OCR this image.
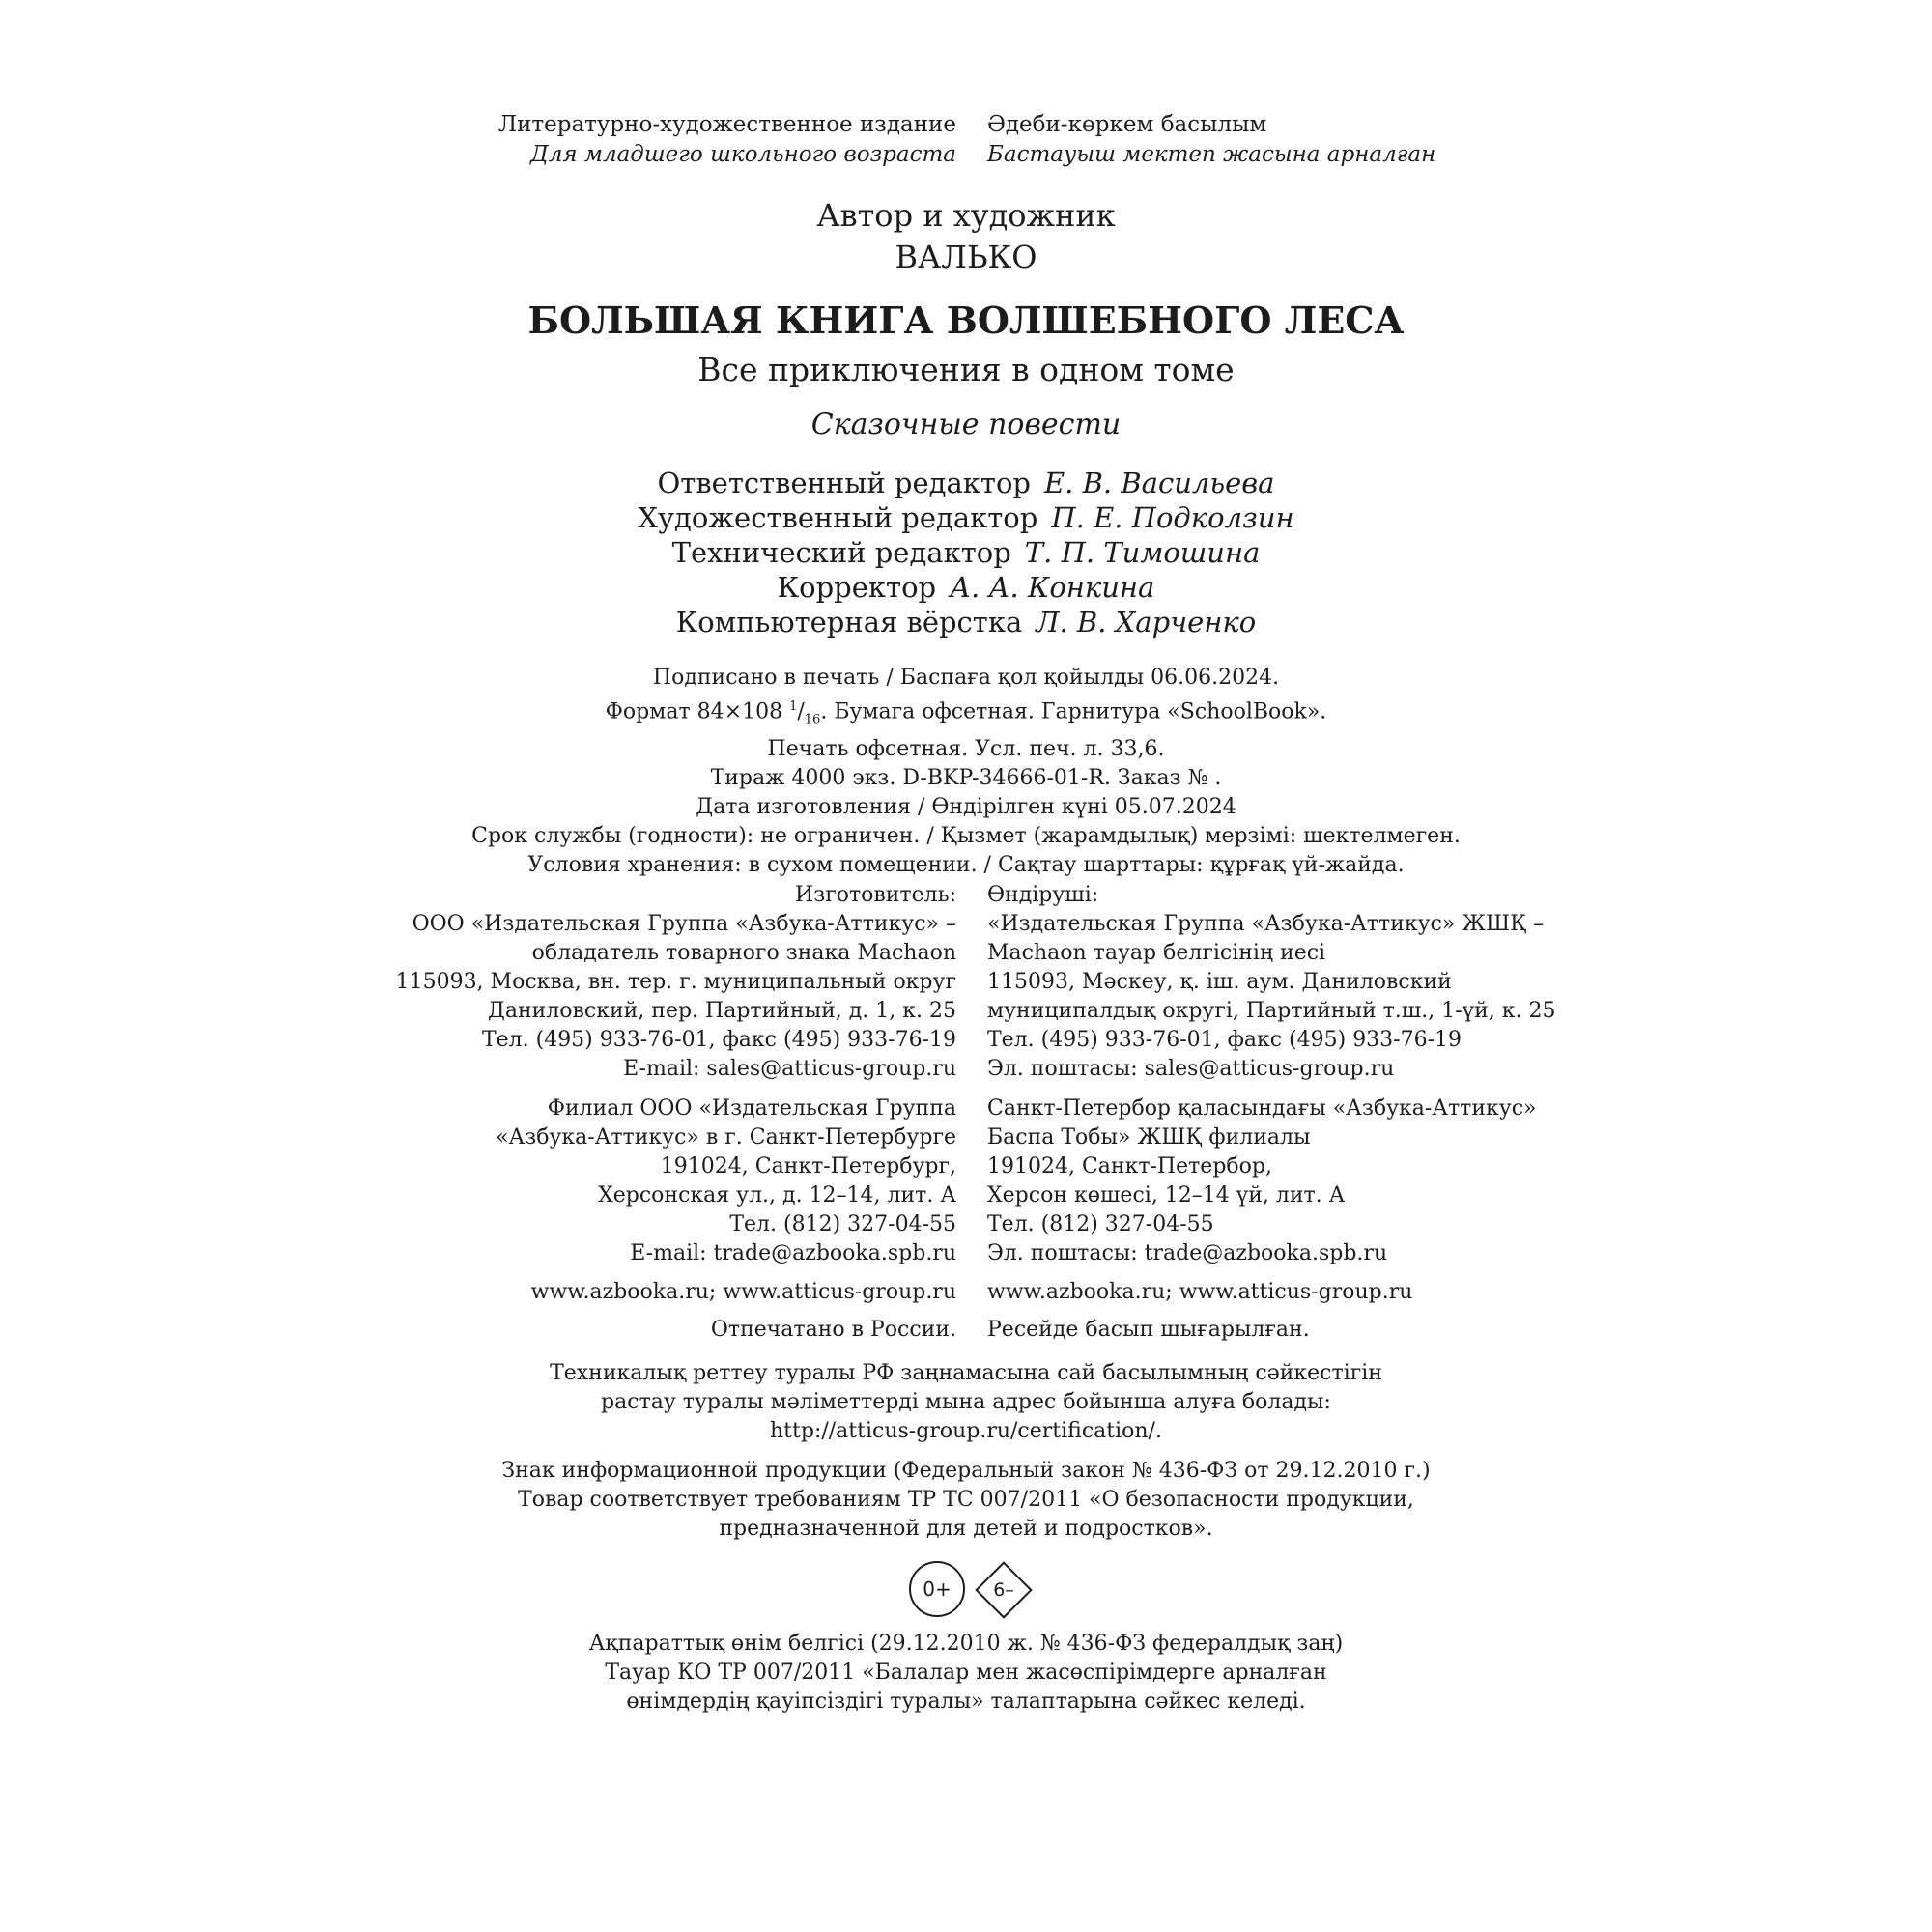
Литературно-художественное издание
Для младшего школьного возраста
Әдеби-көркем басылым
Бастауыш мектеп жасына арналған
Автор и художник
ВАЛЬКО
БОЛЬШАЯ КНИГА ВОЛШЕБНОГО ЛЕСА
Все приключения в одном томе
Сказочные повести
Ответственный редактор Е. В. Васильева
Художественный редактор П. Е. Подколзин
Технический редактор Т. П. Тимошина
Корректор А. А. Конкина
Компьютерная вёрстка Л. В. Харченко
Подписано в печать / Баспаға қол қойылды 06.06.2024.
Формат 84×108 $^1/_{16}$. Бумага офсетная. Гарнитура «SchoolBook».
Печать офсетная. Усл. печ. л. 33,6.
Тираж 4000 экз. D-BKP-34666-01-R. Заказ № .
Дата изготовления / Өндірілген күні 05.07.2024
Срок службы (годности): не ограничен. / Қызмет (жарамдылық) мерзімі: шектелмеген.
Условия хранения: в сухом помещении. / Сақтау шарттары: құрғақ үй-жайда.
Изготовитель:
ООО «Издательская Группа «Азбука-Аттикус» –
обладатель товарного знака Machaon
115093, Москва, вн. тер. г. муниципальный округ
Даниловский, пер. Партийный, д. 1, к. 25
Тел. (495) 933-76-01, факс (495) 933-76-19
E-mail: sales@atticus-group.ru
Өндіруші:
«Издательская Группа «Азбука-Аттикус» ЖШҚ –
Machaon тауар белгісінің иесі
115093, Мәскеу, қ. іш. аум. Даниловский
муниципалдық округі, Партийный т.ш., 1-үй, к. 25
Тел. (495) 933-76-01, факс (495) 933-76-19
Эл. поштасы: sales@atticus-group.ru
Филиал ООО «Издательская Группа
«Азбука-Аттикус» в г. Санкт-Петербурге
191024, Санкт-Петербург,
Херсонская ул., д. 12–14, лит. А
Тел. (812) 327-04-55
E-mail: trade@azbooka.spb.ru
Санкт-Петербор қаласындағы «Азбука-Аттикус»
Баспа Тобы» ЖШҚ филиалы
191024, Санкт-Петербор,
Херсон көшесі, 12–14 үй, лит. А
Тел. (812) 327-04-55
Эл. поштасы: trade@azbooka.spb.ru
www.azbooka.ru; www.atticus-group.ru www.azbooka.ru; www.atticus-group.ru
Отпечатано в России. Ресейде басып шығарылған.
Техникалық реттеу туралы РФ заңнамасына сай басылымның сәйкестігін
растау туралы мәліметтерді мына адрес бойынша алуға болады:
http://atticus-group.ru/certification/.
Знак информационной продукции (Федеральный закон № 436-ФЗ от 29.12.2010 г.)
Товар соответствует требованиям ТР ТС 007/2011 «О безопасности продукции,
предназначенной для детей и подростков».
0+	6–
Ақпараттық өнім белгісі (29.12.2010 ж. № 436-ФЗ федералдық заң)
Тауар КО ТР 007/2011 «Балалар мен жасөспірімдерге арналған
өнімдердің қауіпсіздігі туралы» талаптарына сәйкес келеді.
